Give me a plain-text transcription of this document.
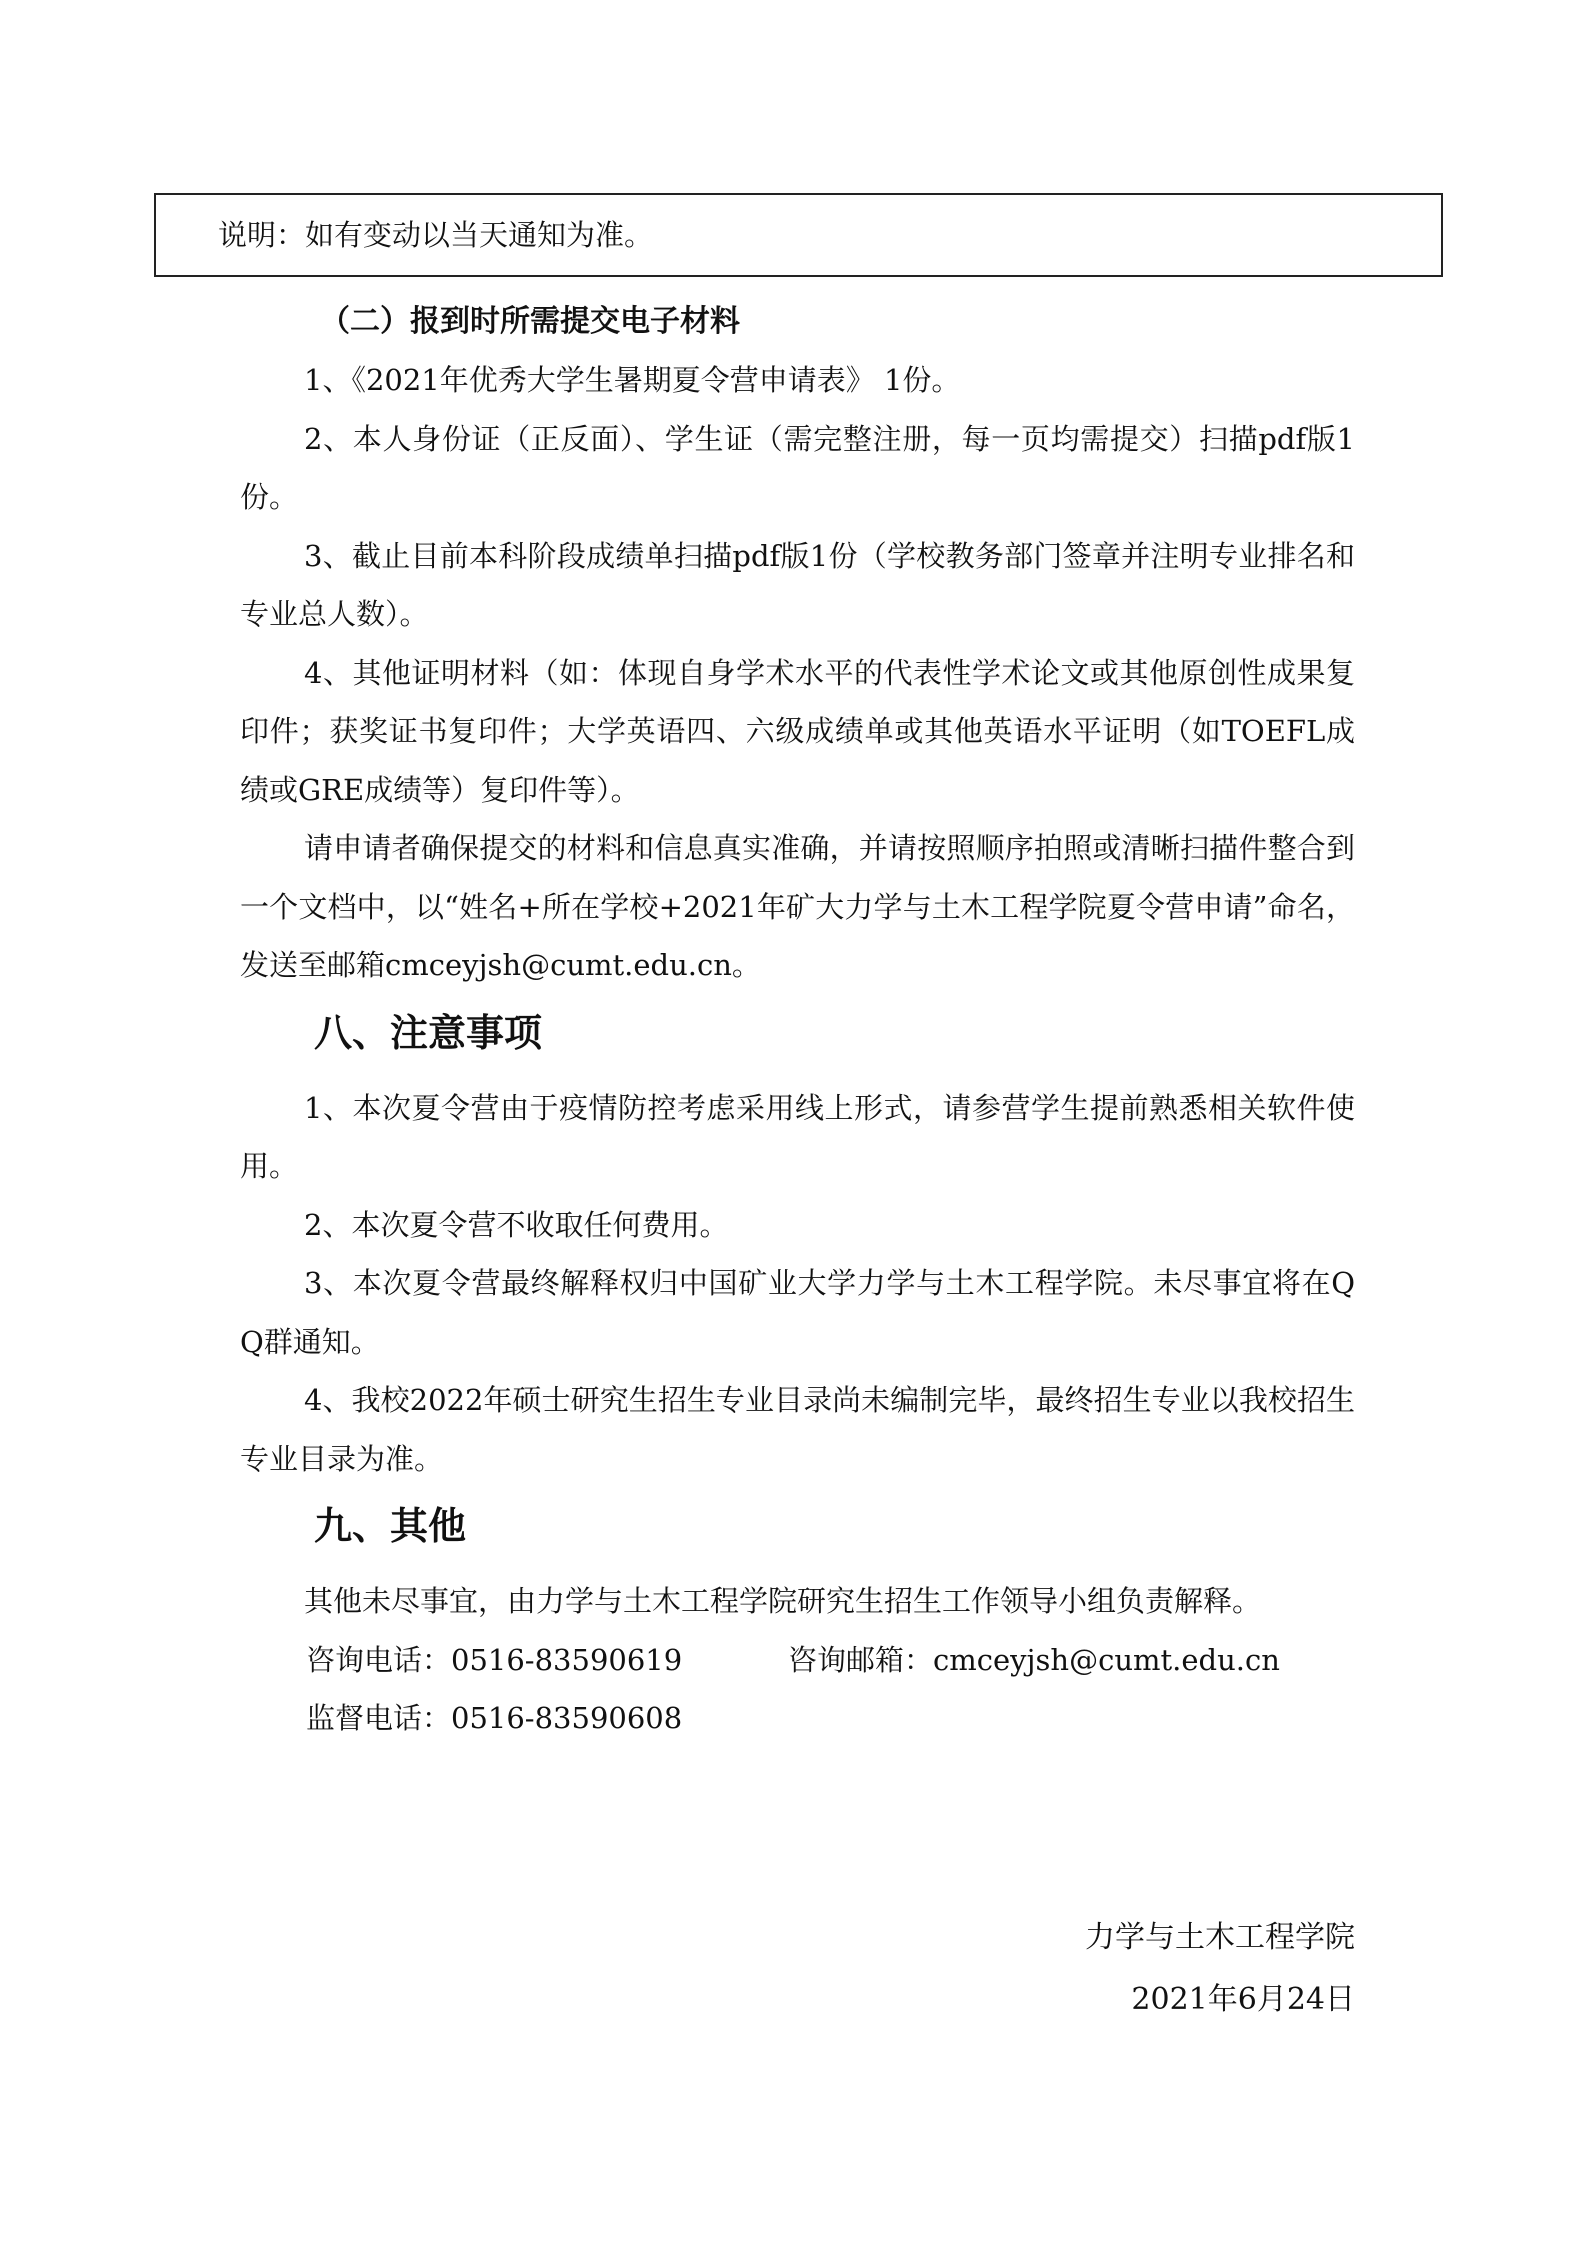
说明：如有变动以当天通知为准。
（二）报到时所需提交电子材料

1、《2021年优秀大学生暑期夏令营申请表》 1份。

2、本人身份证（正反面）、学生证（需完整注册，每一页均需提交）扫描pdf版1份。

3、截止目前本科阶段成绩单扫描pdf版1份（学校教务部门签章并注明专业排名和专业总人数）。

4、其他证明材料（如：体现自身学术水平的代表性学术论文或其他原创性成果复印件；获奖证书复印件；大学英语四、六级成绩单或其他英语水平证明（如TOEFL成绩或GRE成绩等）复印件等）。

请申请者确保提交的材料和信息真实准确，并请按照顺序拍照或清晰扫描件整合到一个文档中，以“姓名+所在学校+2021年矿大力学与土木工程学院夏令营申请”命名，发送至邮箱cmceyjsh@cumt.edu.cn。

八、注意事项

1、本次夏令营由于疫情防控考虑采用线上形式，请参营学生提前熟悉相关软件使用。

2、本次夏令营不收取任何费用。

3、本次夏令营最终解释权归中国矿业大学力学与土木工程学院。未尽事宜将在QQ群通知。

4、我校2022年硕士研究生招生专业目录尚未编制完毕，最终招生专业以我校招生专业目录为准。

九、其他

其他未尽事宜，由力学与土木工程学院研究生招生工作领导小组负责解释。

咨询电话：0516-83590619	咨询邮箱：cmceyjsh@cumt.edu.cn
监督电话：0516-83590608
力学与土木工程学院
2021年6月24日
